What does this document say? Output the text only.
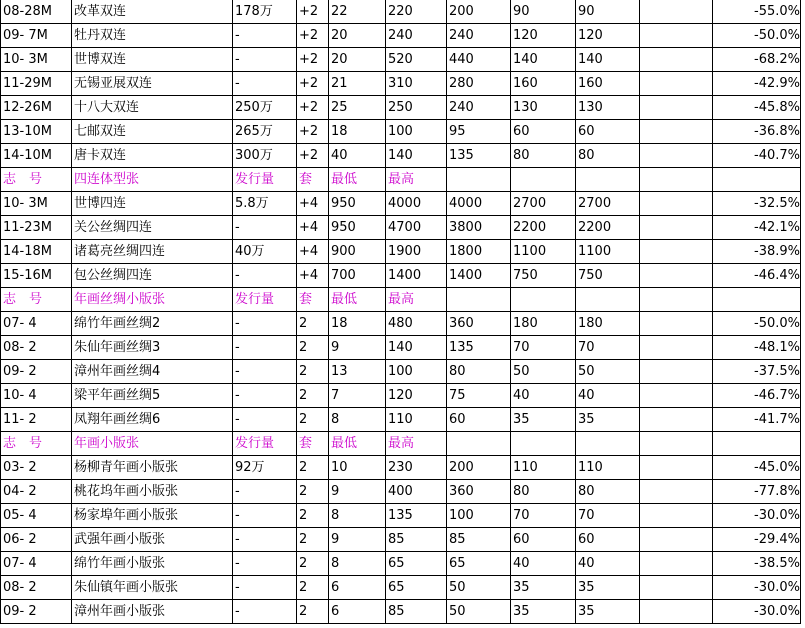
08-28M	改革双连	178万	+2	22	220	200	90	90		-55.0%
09- 7M	牡丹双连	-	+2	20	240	240	120	120		-50.0%
10- 3M	世博双连	-	+2	20	520	440	140	140		-68.2%
11-29M	无锡亚展双连	-	+2	21	310	280	160	160		-42.9%
12-26M	十八大双连	250万	+2	25	250	240	130	130		-45.8%
13-10M	七邮双连	265万	+2	18	100	95	60	60		-36.8%
14-10M	唐卡双连	300万	+2	40	140	135	80	80		-40.7%
志　号	四连体型张	发行量	套	最低	最高					
10- 3M	世博四连	5.8万	+4	950	4000	4000	2700	2700		-32.5%
11-23M	关公丝绸四连	-	+4	950	4700	3800	2200	2200		-42.1%
14-18M	诸葛亮丝绸四连	40万	+4	900	1900	1800	1100	1100		-38.9%
15-16M	包公丝绸四连	-	+4	700	1400	1400	750	750		-46.4%
志　号	年画丝绸小版张	发行量	套	最低	最高					
07- 4	绵竹年画丝绸2	-	2	18	480	360	180	180		-50.0%
08- 2	朱仙年画丝绸3	-	2	9	140	135	70	70		-48.1%
09- 2	漳州年画丝绸4	-	2	13	100	80	50	50		-37.5%
10- 4	梁平年画丝绸5	-	2	7	120	75	40	40		-46.7%
11- 2	凤翔年画丝绸6	-	2	8	110	60	35	35		-41.7%
志　号	年画小版张	发行量	套	最低	最高					
03- 2	杨柳青年画小版张	92万	2	10	230	200	110	110		-45.0%
04- 2	桃花坞年画小版张	-	2	9	400	360	80	80		-77.8%
05- 4	杨家埠年画小版张	-	2	8	135	100	70	70		-30.0%
06- 2	武强年画小版张	-	2	9	85	85	60	60		-29.4%
07- 4	绵竹年画小版张	-	2	8	65	65	40	40		-38.5%
08- 2	朱仙镇年画小版张	-	2	6	65	50	35	35		-30.0%
09- 2	漳州年画小版张	-	2	6	85	50	35	35		-30.0%
